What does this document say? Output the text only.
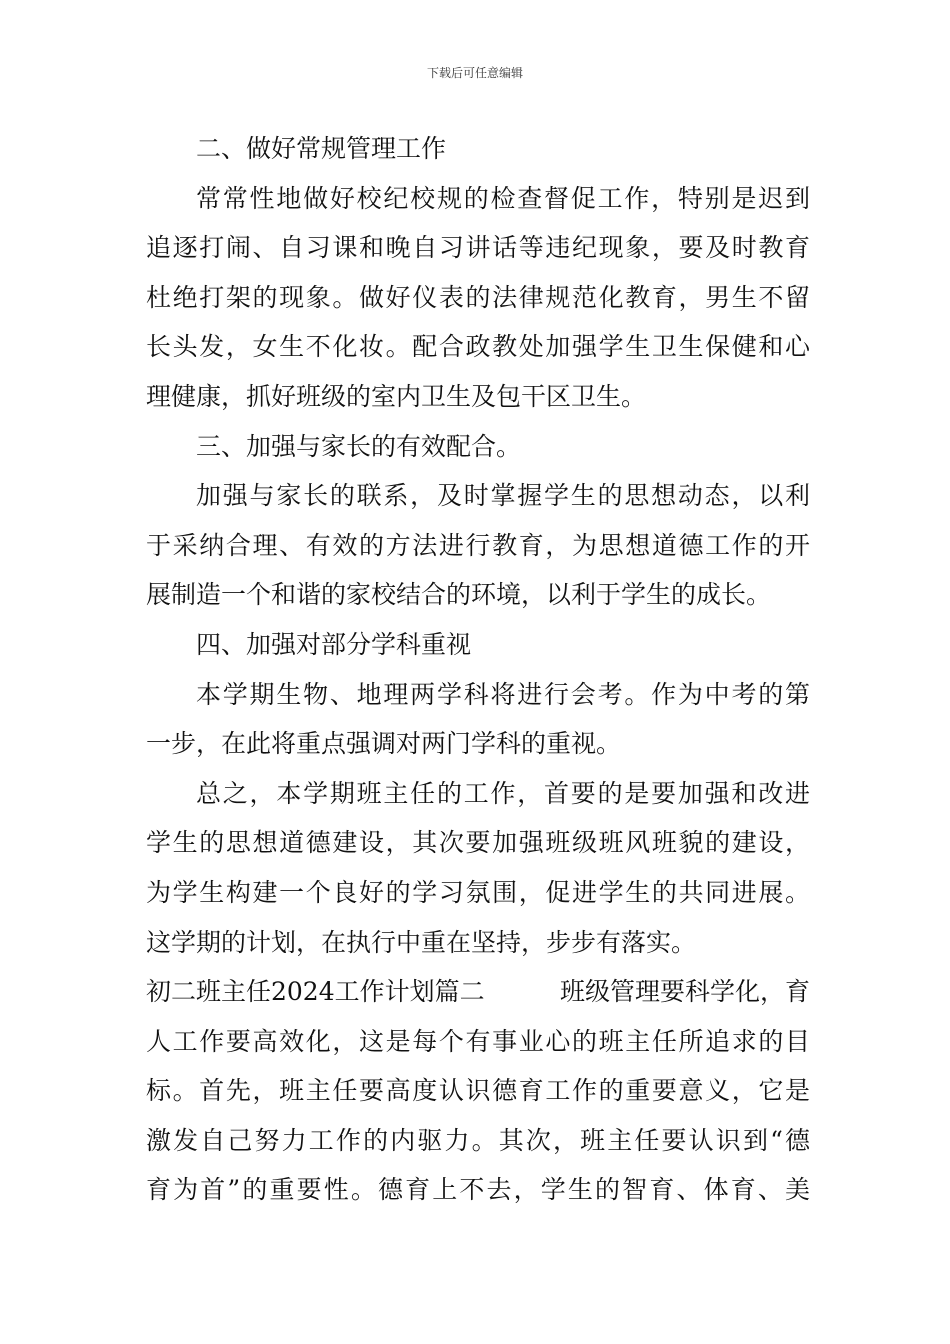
下载后可任意编辑
二、做好常规管理工作
常常性地做好校纪校规的检查督促工作，特别是迟到
追逐打闹、自习课和晚自习讲话等违纪现象，要及时教育
杜绝打架的现象。做好仪表的法律规范化教育，男生不留
长头发，女生不化妆。配合政教处加强学生卫生保健和心
理健康，抓好班级的室内卫生及包干区卫生。
三、加强与家长的有效配合。
加强与家长的联系，及时掌握学生的思想动态，以利
于采纳合理、有效的方法进行教育，为思想道德工作的开
展制造一个和谐的家校结合的环境，以利于学生的成长。
四、加强对部分学科重视
本学期生物、地理两学科将进行会考。作为中考的第
一步，在此将重点强调对两门学科的重视。
总之，本学期班主任的工作，首要的是要加强和改进
学生的思想道德建设，其次要加强班级班风班貌的建设，
为学生构建一个良好的学习氛围，促进学生的共同进展。
这学期的计划，在执行中重在坚持，步步有落实。
初二班主任2024工作计划篇二	班级管理要科学化，育
人工作要高效化，这是每个有事业心的班主任所追求的目
标。首先，班主任要高度认识德育工作的重要意义，它是
激发自己努力工作的内驱力。其次，班主任要认识到“德
育为首”的重要性。德育上不去，学生的智育、体育、美
